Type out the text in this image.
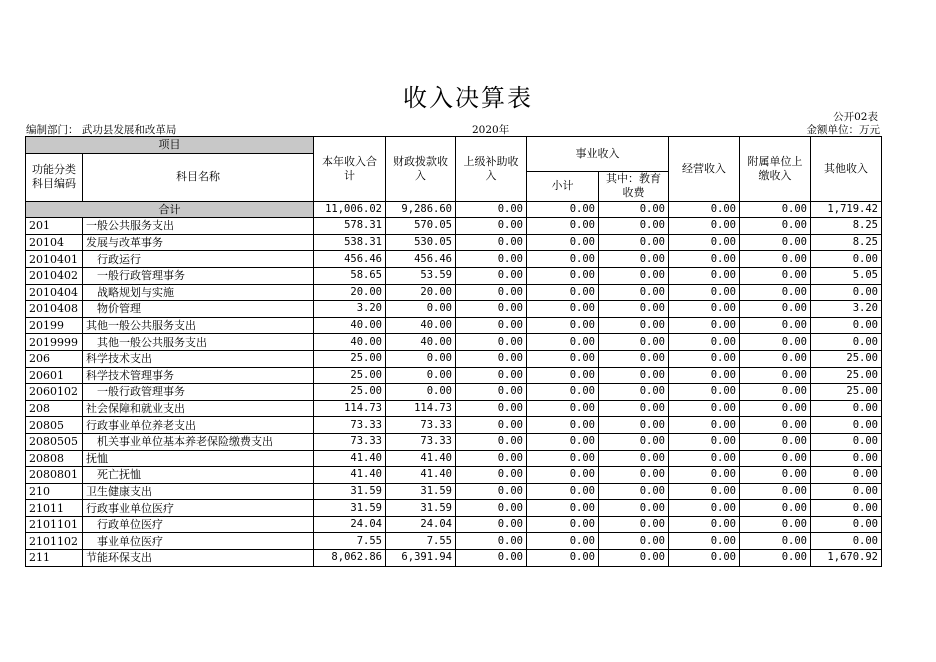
收入决算表
公开02表
编制部门： 武功县发展和改革局	2020年	金额单位：万元
项目		本年收入合计	财政拨款收入	上级补助收入	事业收入		经营收入	附属单位上缴收入	其他收入
功能分类科目编码	科目名称								
					小计	其中：教育收费			
合计		11,006.02	9,286.60	0.00	0.00	0.00	0.00	0.00	1,719.42
201	一般公共服务支出	578.31	570.05	0.00	0.00	0.00	0.00	0.00	8.25
20104	发展与改革事务	538.31	530.05	0.00	0.00	0.00	0.00	0.00	8.25
2010401	行政运行	456.46	456.46	0.00	0.00	0.00	0.00	0.00	0.00
2010402	一般行政管理事务	58.65	53.59	0.00	0.00	0.00	0.00	0.00	5.05
2010404	战略规划与实施	20.00	20.00	0.00	0.00	0.00	0.00	0.00	0.00
2010408	物价管理	3.20	0.00	0.00	0.00	0.00	0.00	0.00	3.20
20199	其他一般公共服务支出	40.00	40.00	0.00	0.00	0.00	0.00	0.00	0.00
2019999	其他一般公共服务支出	40.00	40.00	0.00	0.00	0.00	0.00	0.00	0.00
206	科学技术支出	25.00	0.00	0.00	0.00	0.00	0.00	0.00	25.00
20601	科学技术管理事务	25.00	0.00	0.00	0.00	0.00	0.00	0.00	25.00
2060102	一般行政管理事务	25.00	0.00	0.00	0.00	0.00	0.00	0.00	25.00
208	社会保障和就业支出	114.73	114.73	0.00	0.00	0.00	0.00	0.00	0.00
20805	行政事业单位养老支出	73.33	73.33	0.00	0.00	0.00	0.00	0.00	0.00
2080505	机关事业单位基本养老保险缴费支出	73.33	73.33	0.00	0.00	0.00	0.00	0.00	0.00
20808	抚恤	41.40	41.40	0.00	0.00	0.00	0.00	0.00	0.00
2080801	死亡抚恤	41.40	41.40	0.00	0.00	0.00	0.00	0.00	0.00
210	卫生健康支出	31.59	31.59	0.00	0.00	0.00	0.00	0.00	0.00
21011	行政事业单位医疗	31.59	31.59	0.00	0.00	0.00	0.00	0.00	0.00
2101101	行政单位医疗	24.04	24.04	0.00	0.00	0.00	0.00	0.00	0.00
2101102	事业单位医疗	7.55	7.55	0.00	0.00	0.00	0.00	0.00	0.00
211	节能环保支出	8,062.86	6,391.94	0.00	0.00	0.00	0.00	0.00	1,670.92
